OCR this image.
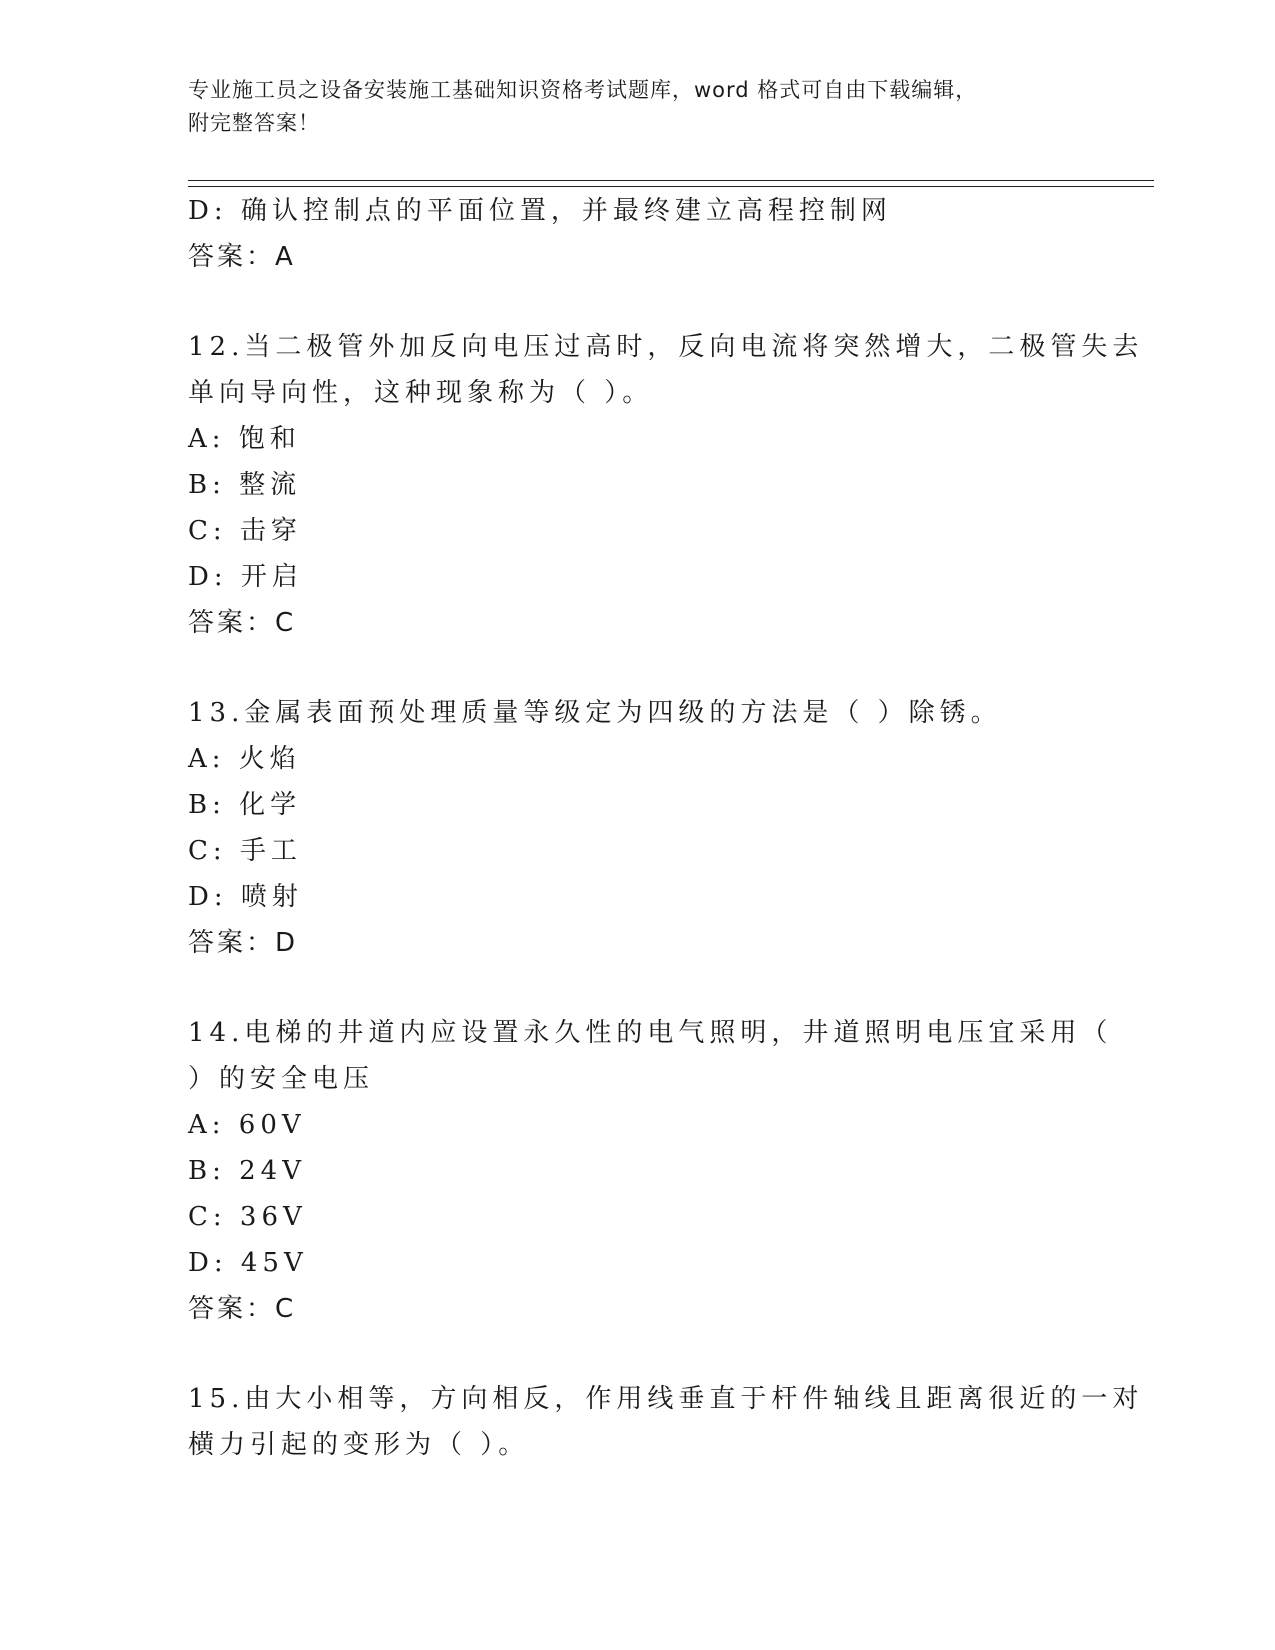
专业施工员之设备安装施工基础知识资格考试题库，word 格式可自由下载编辑，
附完整答案！
D: 确认控制点的平面位置，并最终建立高程控制网
答案：A
12.当二极管外加反向电压过高时，反向电流将突然增大，二极管失去
单向导向性，这种现象称为（ ）。
A: 饱和
B: 整流
C: 击穿
D: 开启
答案：C
13.金属表面预处理质量等级定为四级的方法是（ ）除锈。
A: 火焰
B: 化学
C: 手工
D: 喷射
答案：D
14.电梯的井道内应设置永久性的电气照明，井道照明电压宜采用（
）的安全电压
A: 60V
B: 24V
C: 36V
D: 45V
答案：C
15.由大小相等，方向相反，作用线垂直于杆件轴线且距离很近的一对
横力引起的变形为（ ）。
